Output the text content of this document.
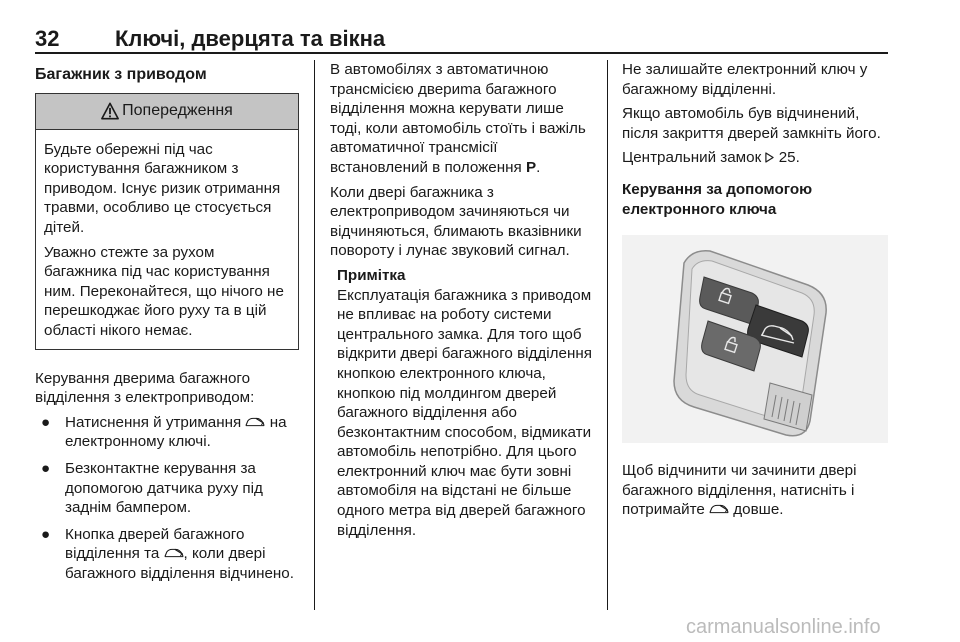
32	Ключі, дверцята та вікна
Багажник з приводом
Попередження

Будьте обережні під час користування багажником з приводом. Існує ризик отримання травми, особливо це стосується дітей.

Уважно стежте за рухом багажника під час користування ним. Переконайтеся, що нічого не перешкоджає його руху та в цій області нікого немає.

Керування дверима багажного відділення з електроприводом:

● Натиснення й утримання на електронному ключі.
● Безконтактне керування за допомогою датчика руху під заднім бампером.
● Кнопка дверей багажного відділення та , коли двері багажного відділення відчинено.

В автомобілях з автоматичною трансмісією двериma багажного відділення можна керувати лише тоді, коли автомобіль стоїть і важіль автоматичної трансмісії встановлений в положення P.

Коли двері багажника з електроприводом зачиняються чи відчиняються, блимають вказівники повороту і лунає звуковий сигнал.

Примітка

Експлуатація багажника з приводом не впливає на роботу системи центрального замка. Для того щоб відкрити двері багажного відділення кнопкою електронного ключа, кнопкою під молдингом дверей багажного відділення або безконтактним способом, відмикати автомобіль непотрібно. Для цього електронний ключ має бути зовні автомобіля на відстані не більше одного метра від дверей багажного відділення.

Не залишайте електронний ключ у багажному відділенні.

Якщо автомобіль був відчинений, після закриття дверей замкніть його.

Центральний замок 25.

Керування за допомогою електронного ключа

Щоб відчинити чи зачинити двері багажного відділення, натисніть і потримайте довше.

carmanualsonline.info
